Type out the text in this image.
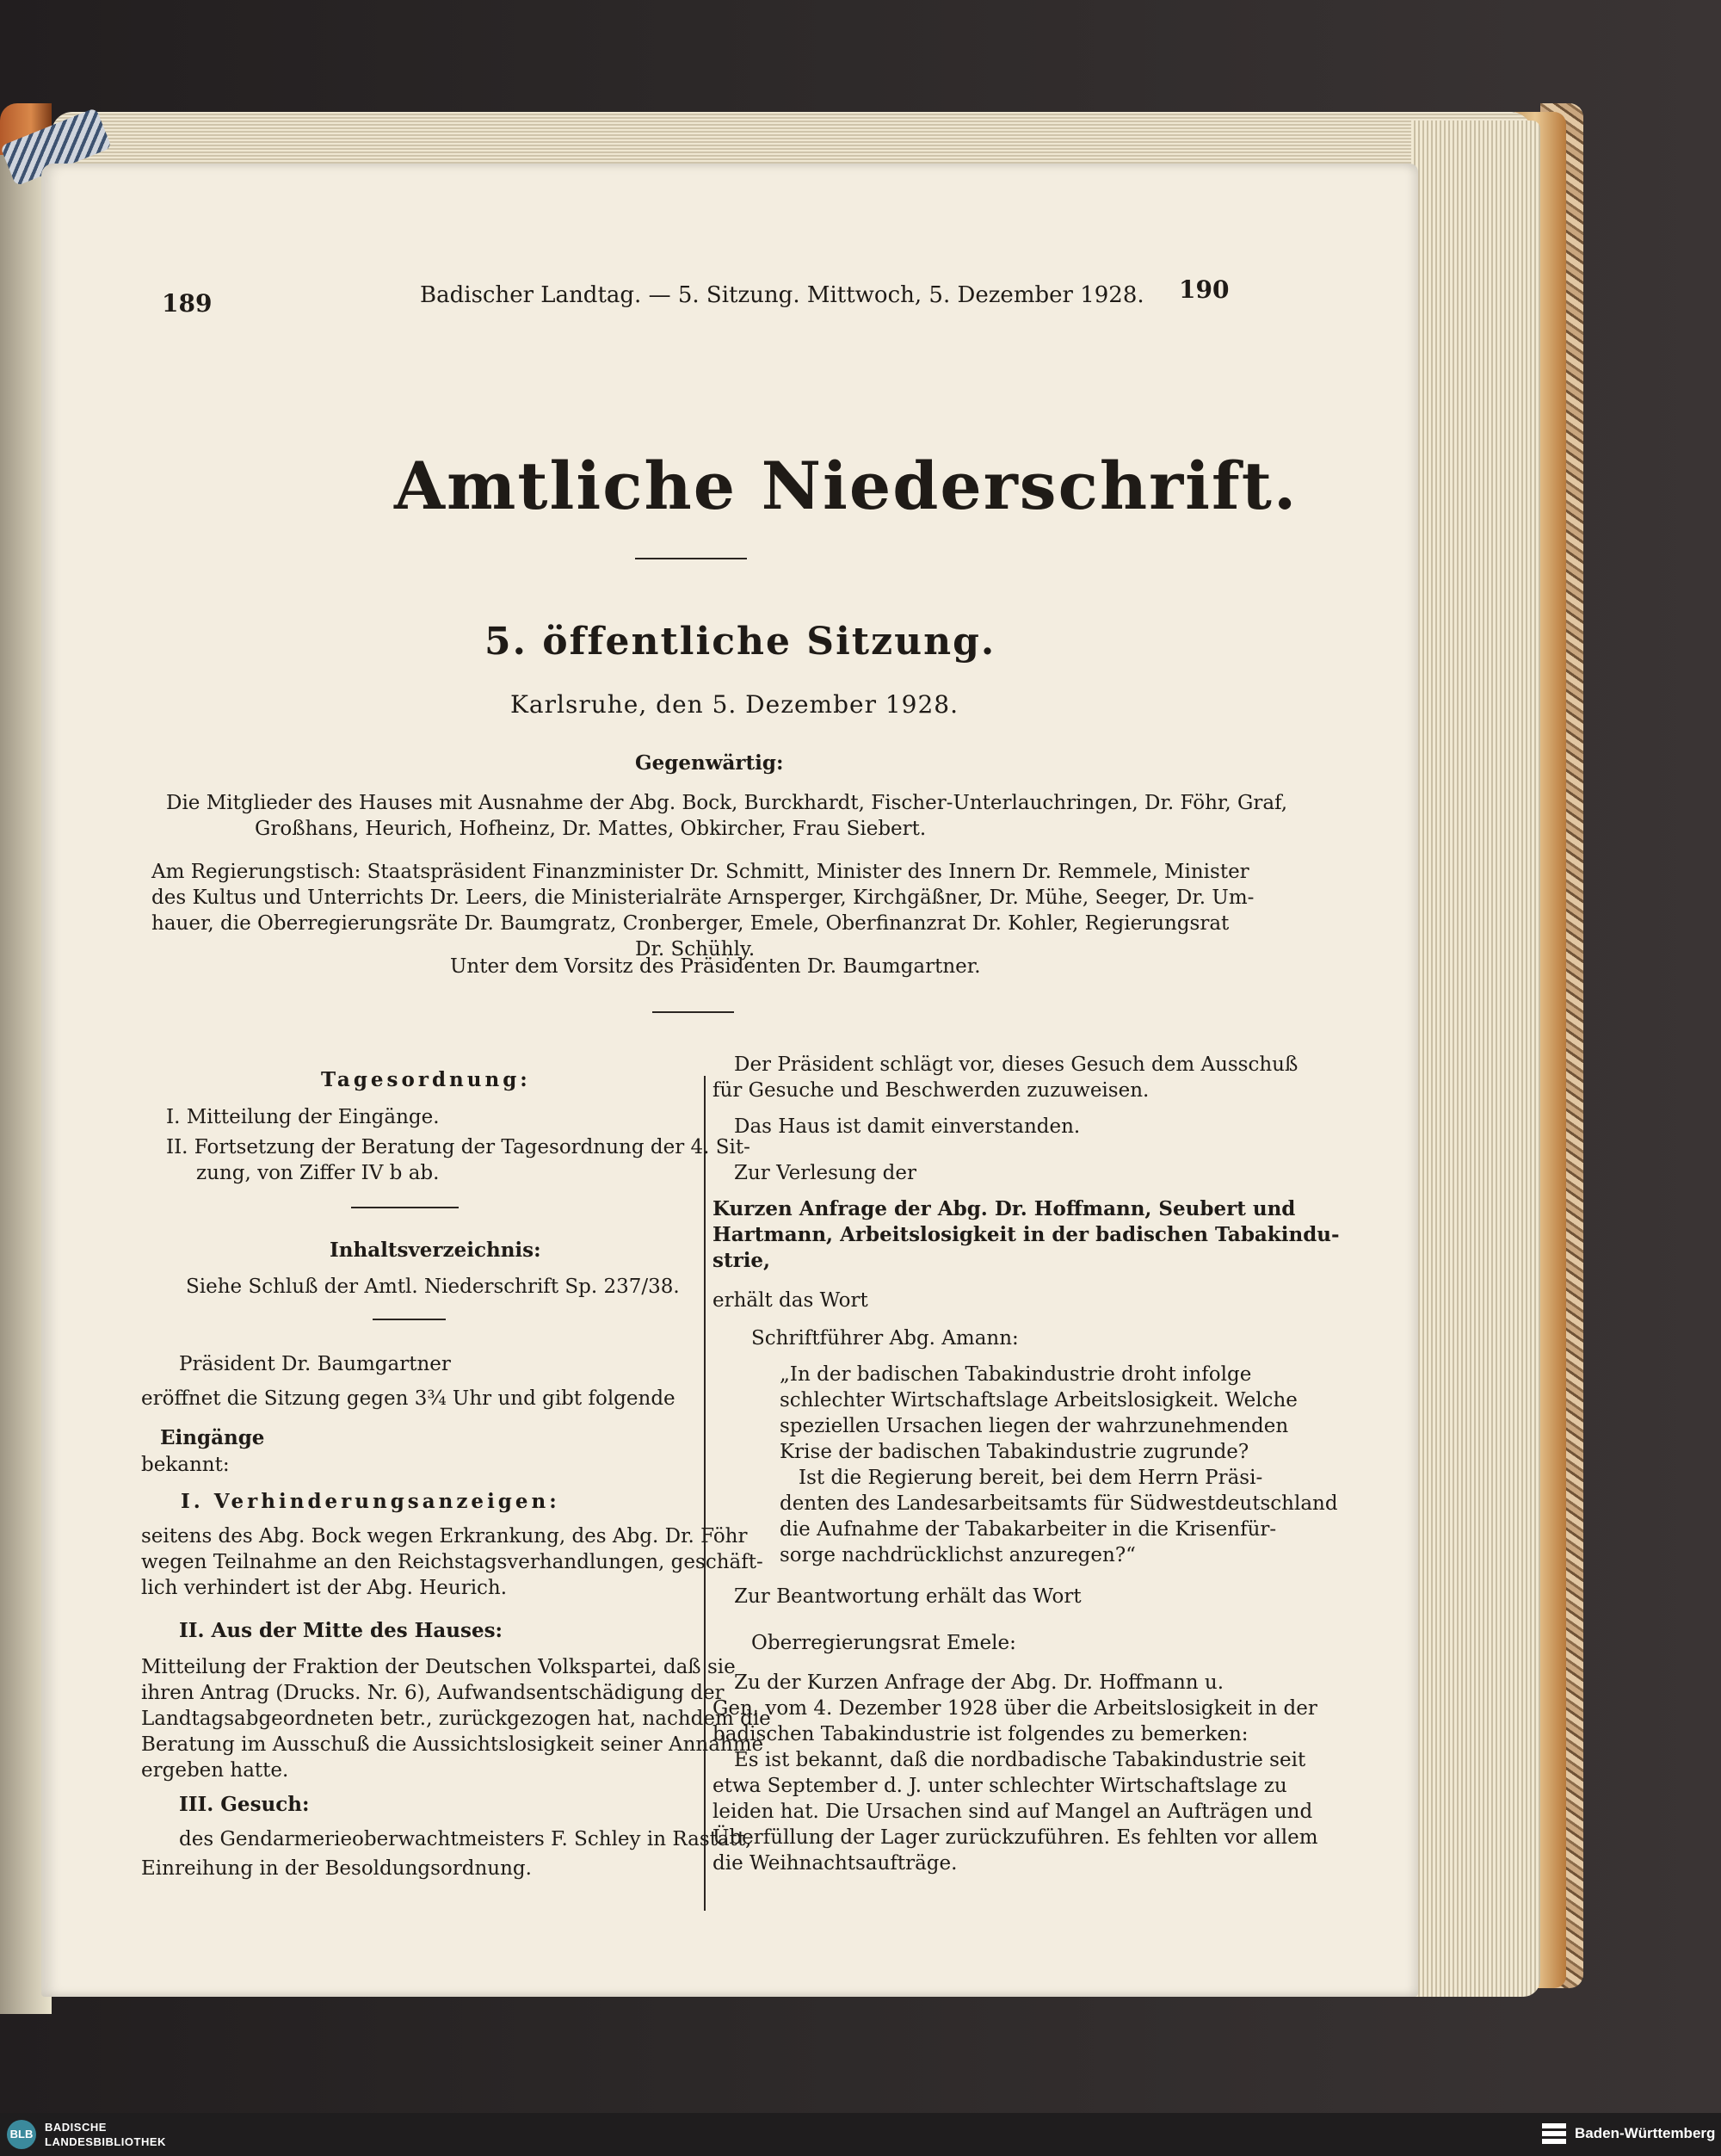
189	Badischer Landtag. — 5. Sitzung. Mittwoch, 5. Dezember 1928. 190
Amtliche Niederschrift.
5. öffentliche Sitzung.
Karlsruhe, den 5. Dezember 1928.
Gegenwärtig:
Die Mitglieder des Hauses mit Ausnahme der Abg. Bock, Burckhardt, Fischer-Unterlauchringen, Dr. Föhr, Graf,
Großhans, Heurich, Hofheinz, Dr. Mattes, Obkircher, Frau Siebert.
Am Regierungstisch: Staatspräsident Finanzminister Dr. Schmitt, Minister des Innern Dr. Remmele, Minister
des Kultus und Unterrichts Dr. Leers, die Ministerialräte Arnsperger, Kirchgäßner, Dr. Mühe, Seeger, Dr. Um-
hauer, die Oberregierungsräte Dr. Baumgratz, Cronberger, Emele, Oberfinanzrat Dr. Kohler, Regierungsrat
Dr. Schühly.
Unter dem Vorsitz des Präsidenten Dr. Baumgartner.
Tagesordnung:
I. Mitteilung der Eingänge.
II. Fortsetzung der Beratung der Tagesordnung der 4. Sit-
zung, von Ziffer IV b ab.
Inhaltsverzeichnis:
Siehe Schluß der Amtl. Niederschrift Sp. 237/38.
Präsident Dr. Baumgartner
eröffnet die Sitzung gegen 3¾ Uhr und gibt folgende
Eingänge
bekannt:
I. Verhinderungsanzeigen:
seitens des Abg. Bock wegen Erkrankung, des Abg. Dr. Föhr
wegen Teilnahme an den Reichstagsverhandlungen, geschäft-
lich verhindert ist der Abg. Heurich.
II. Aus der Mitte des Hauses:
Mitteilung der Fraktion der Deutschen Volkspartei, daß sie
ihren Antrag (Drucks. Nr. 6), Aufwandsentschädigung der
Landtagsabgeordneten betr., zurückgezogen hat, nachdem die
Beratung im Ausschuß die Aussichtslosigkeit seiner Annahme
ergeben hatte.
III. Gesuch:
des Gendarmerieoberwachtmeisters F. Schley in Rastatt,
Einreihung in der Besoldungsordnung.
Der Präsident schlägt vor, dieses Gesuch dem Ausschuß
für Gesuche und Beschwerden zuzuweisen.
Das Haus ist damit einverstanden.
Zur Verlesung der
Kurzen Anfrage der Abg. Dr. Hoffmann, Seubert und
Hartmann, Arbeitslosigkeit in der badischen Tabakindu-
strie,
erhält das Wort
Schriftführer Abg. Amann:
„In der badischen Tabakindustrie droht infolge
schlechter Wirtschaftslage Arbeitslosigkeit. Welche
speziellen Ursachen liegen der wahrzunehmenden
Krise der badischen Tabakindustrie zugrunde?
Ist die Regierung bereit, bei dem Herrn Präsi-
denten des Landesarbeitsamts für Südwestdeutschland
die Aufnahme der Tabakarbeiter in die Krisenfür-
sorge nachdrücklichst anzuregen?“
Zur Beantwortung erhält das Wort
Oberregierungsrat Emele:
Zu der Kurzen Anfrage der Abg. Dr. Hoffmann u.
Gen. vom 4. Dezember 1928 über die Arbeitslosigkeit in der
badischen Tabakindustrie ist folgendes zu bemerken:
Es ist bekannt, daß die nordbadische Tabakindustrie seit
etwa September d. J. unter schlechter Wirtschaftslage zu
leiden hat. Die Ursachen sind auf Mangel an Aufträgen und
Überfüllung der Lager zurückzuführen. Es fehlten vor allem
die Weihnachtsaufträge.
BLB
BADISCHE
LANDESBIBLIOTHEK
Baden-Württemberg
